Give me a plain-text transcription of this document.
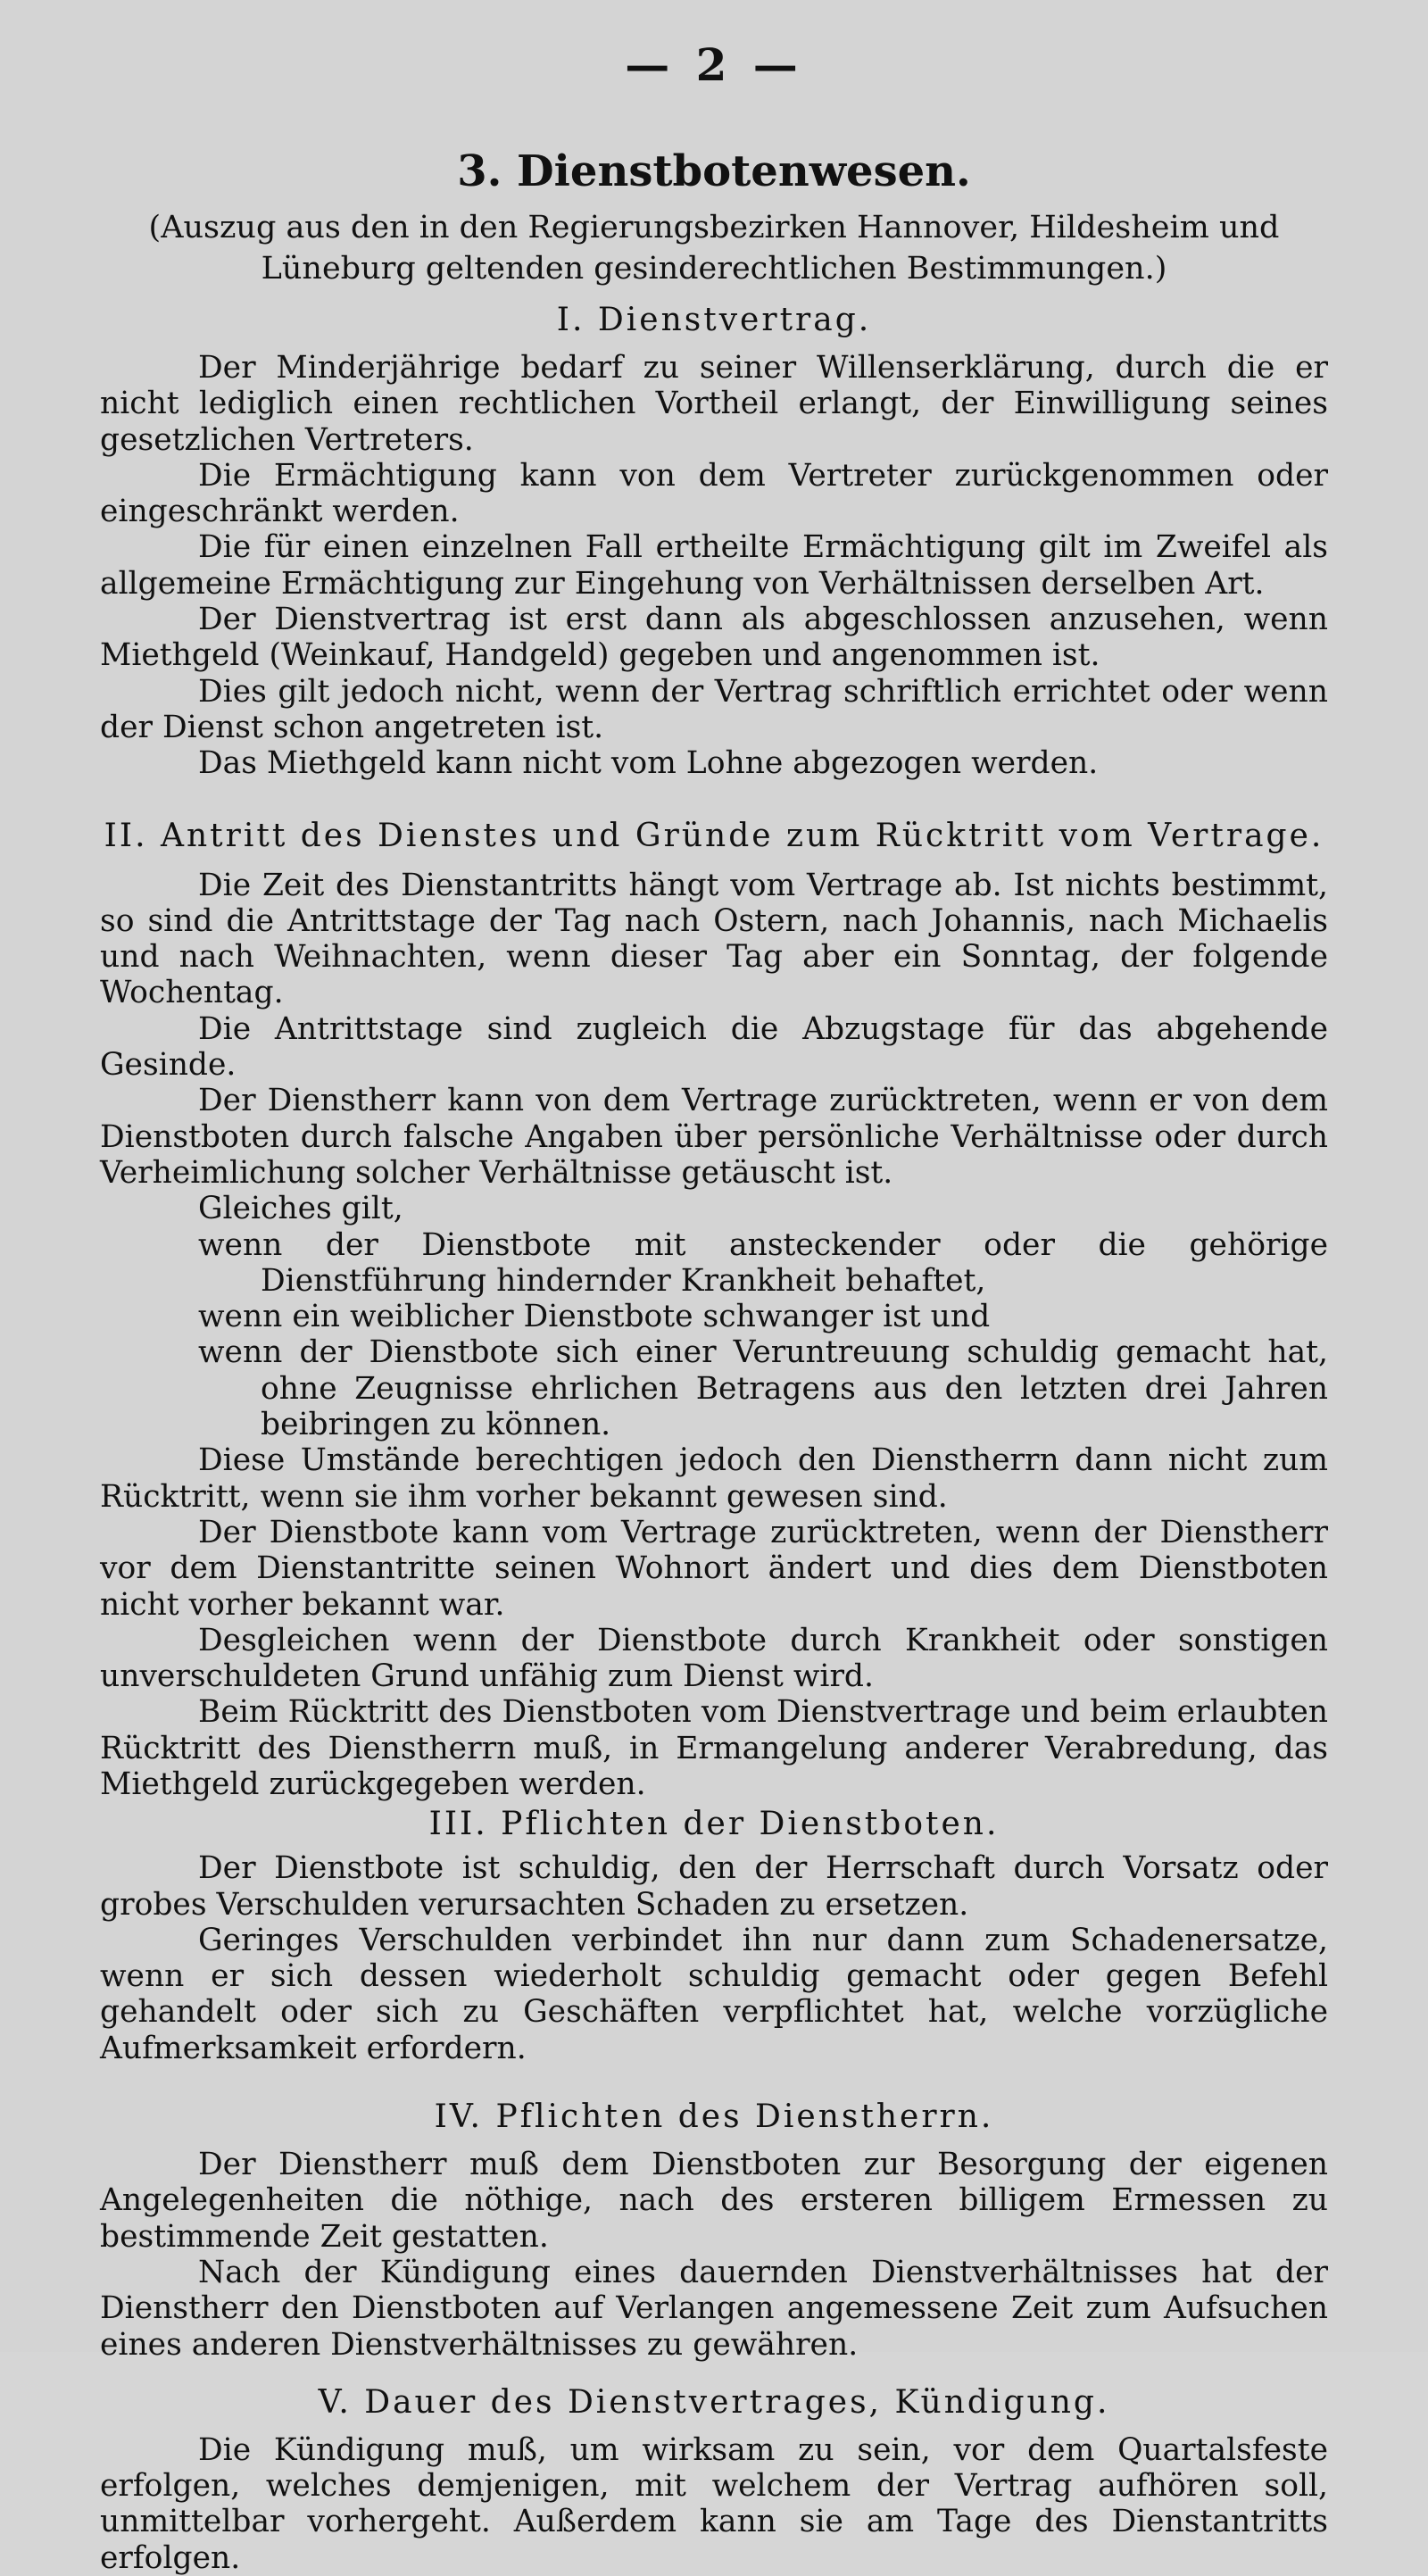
— 2 —
3. Dienstbotenwesen.
(Auszug aus den in den Regierungsbezirken Hannover, Hildesheim und Lüneburg geltenden gesinderechtlichen Bestimmungen.)
I. Dienstvertrag.

Der Minderjährige bedarf zu seiner Willenserklärung, durch die er nicht lediglich einen rechtlichen Vortheil erlangt, der Einwilligung seines gesetzlichen Vertreters.

Die Ermächtigung kann von dem Vertreter zurückgenommen oder eingeschränkt werden.

Die für einen einzelnen Fall ertheilte Ermächtigung gilt im Zweifel als allgemeine Ermächtigung zur Eingehung von Verhältnissen derselben Art.

Der Dienstvertrag ist erst dann als abgeschlossen anzusehen, wenn Miethgeld (Weinkauf, Handgeld) gegeben und angenommen ist.

Dies gilt jedoch nicht, wenn der Vertrag schriftlich errichtet oder wenn der Dienst schon angetreten ist.

Das Miethgeld kann nicht vom Lohne abgezogen werden.

II. Antritt des Dienstes und Gründe zum Rücktritt vom Vertrage.

Die Zeit des Dienstantritts hängt vom Vertrage ab. Ist nichts bestimmt, so sind die Antrittstage der Tag nach Ostern, nach Johannis, nach Michaelis und nach Weihnachten, wenn dieser Tag aber ein Sonntag, der folgende Wochentag.

Die Antrittstage sind zugleich die Abzugstage für das abgehende Gesinde.

Der Dienstherr kann von dem Vertrage zurücktreten, wenn er von dem Dienstboten durch falsche Angaben über persönliche Verhältnisse oder durch Verheimlichung solcher Verhältnisse getäuscht ist.

Gleiches gilt,

wenn der Dienstbote mit ansteckender oder die gehörige Dienstführung hindernder Krankheit behaftet,

wenn ein weiblicher Dienstbote schwanger ist und

wenn der Dienstbote sich einer Veruntreuung schuldig gemacht hat, ohne Zeugnisse ehrlichen Betragens aus den letzten drei Jahren beibringen zu können.

Diese Umstände berechtigen jedoch den Dienstherrn dann nicht zum Rücktritt, wenn sie ihm vorher bekannt gewesen sind.

Der Dienstbote kann vom Vertrage zurücktreten, wenn der Dienstherr vor dem Dienstantritte seinen Wohnort ändert und dies dem Dienstboten nicht vorher bekannt war.

Desgleichen wenn der Dienstbote durch Krankheit oder sonstigen unverschuldeten Grund unfähig zum Dienst wird.

Beim Rücktritt des Dienstboten vom Dienstvertrage und beim erlaubten Rücktritt des Dienstherrn muß, in Ermangelung anderer Verabredung, das Miethgeld zurückgegeben werden.

III. Pflichten der Dienstboten.

Der Dienstbote ist schuldig, den der Herrschaft durch Vorsatz oder grobes Verschulden verursachten Schaden zu ersetzen.

Geringes Verschulden verbindet ihn nur dann zum Schadenersatze, wenn er sich dessen wiederholt schuldig gemacht oder gegen Befehl gehandelt oder sich zu Geschäften verpflichtet hat, welche vorzügliche Aufmerksamkeit erfordern.

IV. Pflichten des Dienstherrn.

Der Dienstherr muß dem Dienstboten zur Besorgung der eigenen Angelegenheiten die nöthige, nach des ersteren billigem Ermessen zu bestimmende Zeit gestatten.

Nach der Kündigung eines dauernden Dienstverhältnisses hat der Dienstherr den Dienstboten auf Verlangen angemessene Zeit zum Aufsuchen eines anderen Dienstverhältnisses zu gewähren.

V. Dauer des Dienstvertrages, Kündigung.

Die Kündigung muß, um wirksam zu sein, vor dem Quartalsfeste erfolgen, welches demjenigen, mit welchem der Vertrag aufhören soll, unmittelbar vorhergeht. Außerdem kann sie am Tage des Dienstantritts erfolgen.
